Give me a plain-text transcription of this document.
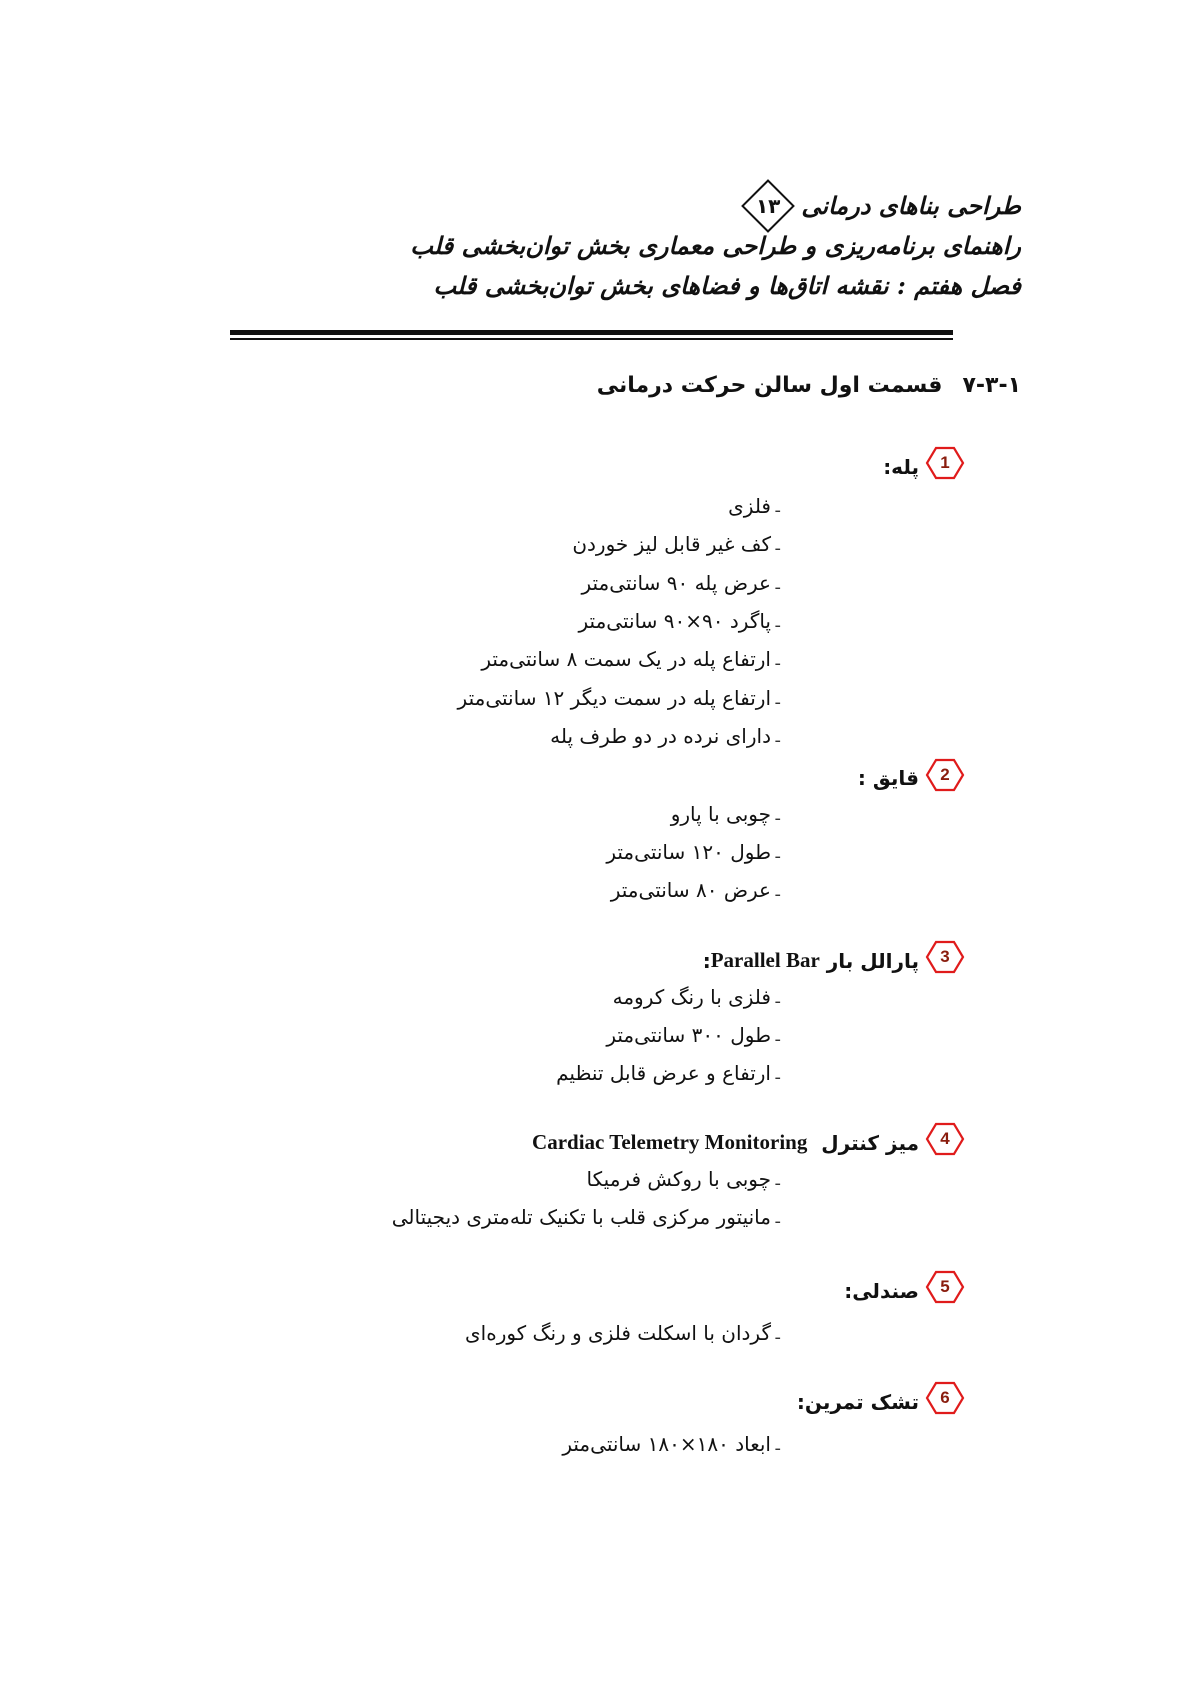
طراحی بناهای درمانی
۱۳
راهنمای برنامه‌ریزی و طراحی معماری بخش توان‌بخشی قلب
فصل هفتم : نقشه اتاق‌ها و فضاهای بخش توان‌بخشی قلب
۷-۳-۱قسمت اول سالن حرکت درمانی
1
پله:
-
فلزی
-
کف غیر قابل لیز خوردن
-
عرض پله ۹۰ سانتی‌متر
-
پاگرد ۹۰×۹۰ سانتی‌متر
-
ارتفاع پله در یک سمت ۸ سانتی‌متر
-
ارتفاع پله در سمت دیگر ۱۲ سانتی‌متر
-
دارای نرده در دو طرف پله
2
قایق :
-
چوبی با پارو
-
طول ۱۲۰ سانتی‌متر
-
عرض ۸۰ سانتی‌متر
3
پارالل بار

Parallel Bar
:
-
فلزی با رنگ کرومه
-
طول ۳۰۰ سانتی‌متر
-
ارتفاع و عرض قابل تنظیم
4
میز کنترل

Cardiac Telemetry Monitoring
-
چوبی با روکش فرمیکا
-
مانیتور مرکزی قلب با تکنیک تله‌متری دیجیتالی
5
صندلی:
-
گردان با اسکلت فلزی و رنگ کوره‌ای
6
تشک تمرین:
-
ابعاد ۱۸۰×۱۸۰ سانتی‌متر
